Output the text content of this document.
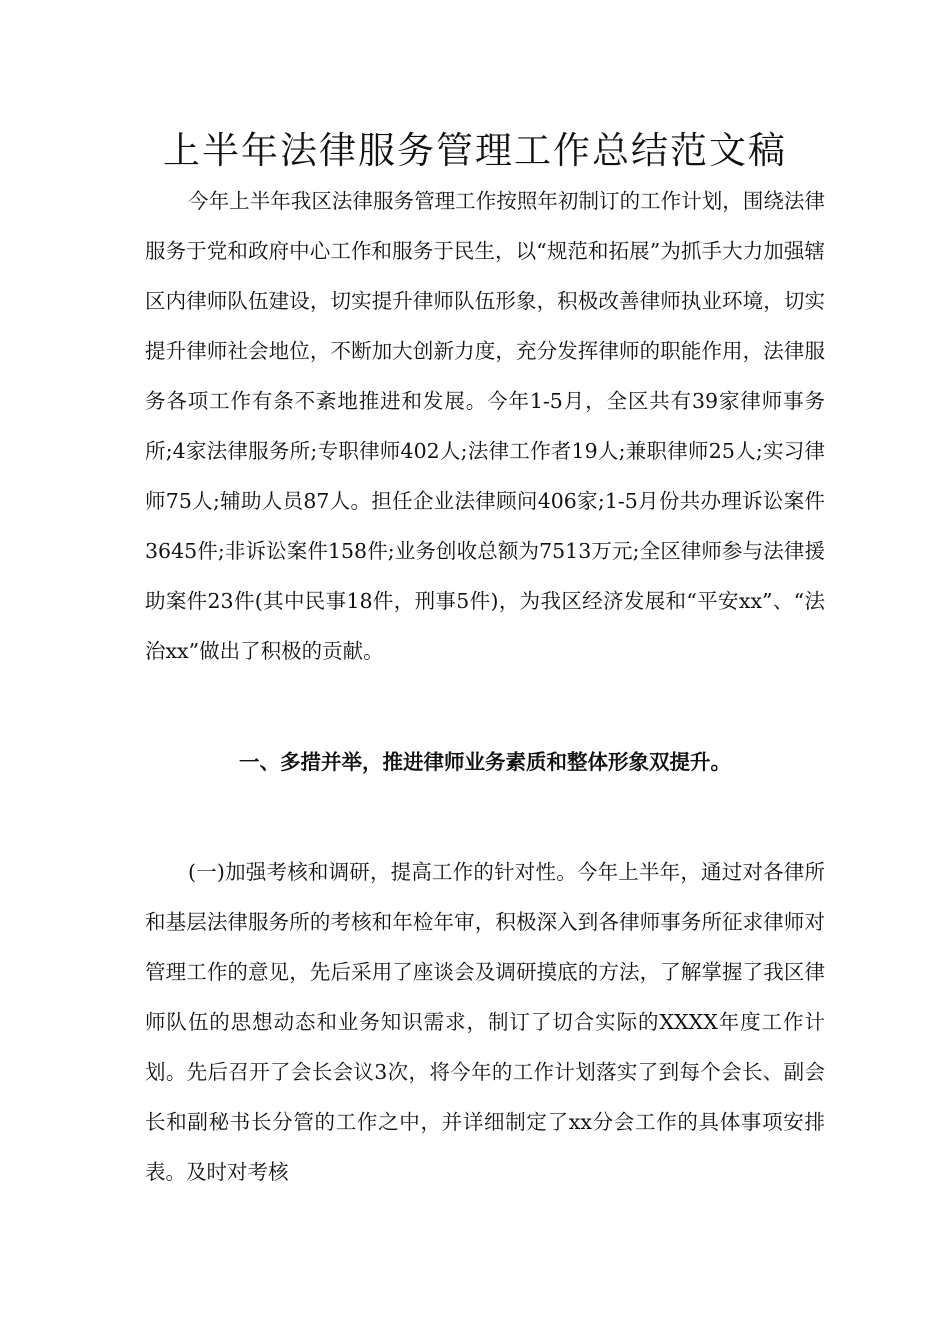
上半年法律服务管理工作总结范文稿

今年上半年我区法律服务管理工作按照年初制订的工作计划，围绕法律服务于党和政府中心工作和服务于民生，以“规范和拓展”为抓手大力加强辖区内律师队伍建设，切实提升律师队伍形象，积极改善律师执业环境，切实提升律师社会地位，不断加大创新力度，充分发挥律师的职能作用，法律服务各项工作有条不紊地推进和发展。今年1-5月，全区共有39家律师事务所;4家法律服务所;专职律师402人;法律工作者19人;兼职律师25人;实习律师75人;辅助人员87人。担任企业法律顾问406家;1-5月份共办理诉讼案件3645件;非诉讼案件158件;业务创收总额为7513万元;全区律师参与法律援助案件23件(其中民事18件，刑事5件)，为我区经济发展和“平安xx”、“法治xx”做出了积极的贡献。

一、多措并举，推进律师业务素质和整体形象双提升。

(一)加强考核和调研，提高工作的针对性。今年上半年，通过对各律所和基层法律服务所的考核和年检年审，积极深入到各律师事务所征求律师对管理工作的意见，先后采用了座谈会及调研摸底的方法，了解掌握了我区律师队伍的思想动态和业务知识需求，制订了切合实际的XXXX年度工作计划。先后召开了会长会议3次，将今年的工作计划落实了到每个会长、副会长和副秘书长分管的工作之中，并详细制定了xx分会工作的具体事项安排表。及时对考核
